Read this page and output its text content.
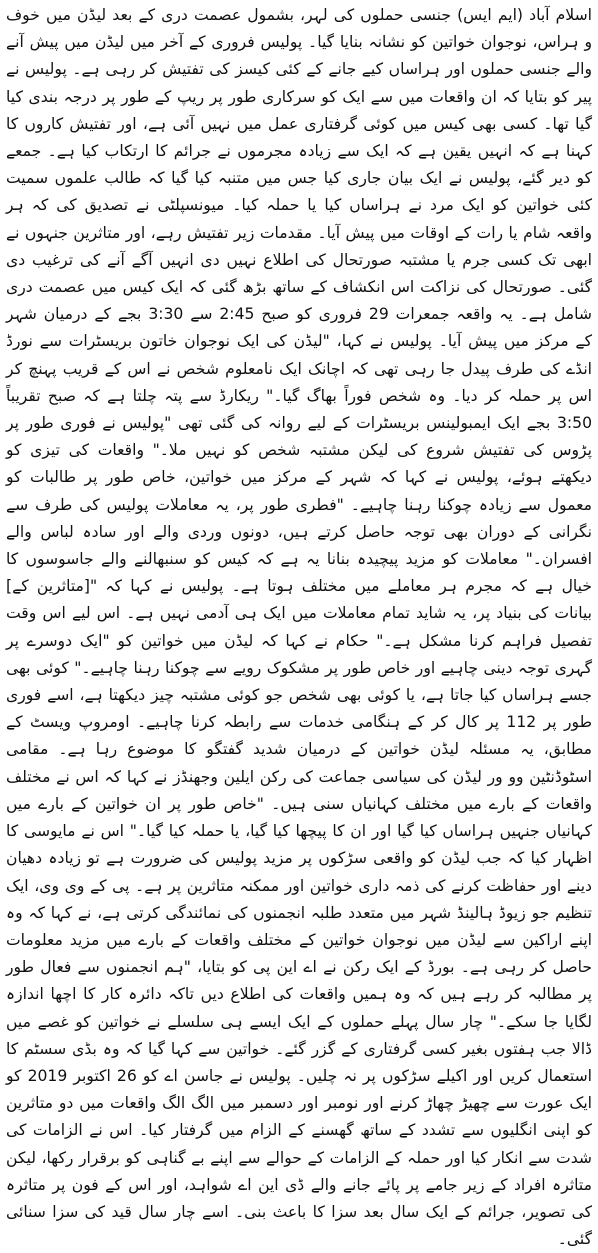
اسلام آباد (ایم ایس) جنسی حملوں کی لہر، بشمول عصمت دری کے بعد لیڈن میں خوف و ہراس، نوجوان خواتین کو نشانہ بنایا گیا۔ پولیس فروری کے آخر میں لیڈن میں پیش آنے والے جنسی حملوں اور ہراساں کیے جانے کے کئی کیسز کی تفتیش کر رہی ہے۔ پولیس نے پیر کو بتایا کہ ان واقعات میں سے ایک کو سرکاری طور پر ریپ کے طور پر درجہ بندی کیا گیا تھا۔ کسی بھی کیس میں کوئی گرفتاری عمل میں نہیں آئی ہے، اور تفتیش کاروں کا کہنا ہے کہ انہیں یقین ہے کہ ایک سے زیادہ مجرموں نے جرائم کا ارتکاب کیا ہے۔ جمعے کو دیر گئے، پولیس نے ایک بیان جاری کیا جس میں متنبہ کیا گیا کہ طالب علموں سمیت کئی خواتین کو ایک مرد نے ہراساں کیا یا حملہ کیا۔ میونسپلٹی نے تصدیق کی کہ ہر واقعہ شام یا رات کے اوقات میں پیش آیا۔ مقدمات زیر تفتیش رہے، اور متاثرین جنہوں نے ابھی تک کسی جرم یا مشتبہ صورتحال کی اطلاع نہیں دی انہیں آگے آنے کی ترغیب دی گئی۔ صورتحال کی نزاکت اس انکشاف کے ساتھ بڑھ گئی کہ ایک کیس میں عصمت دری شامل ہے۔ یہ واقعہ جمعرات 29 فروری کو صبح 2:45 سے 3:30 بجے کے درمیان شہر کے مرکز میں پیش آیا۔ پولیس نے کہا، "لیڈن کی ایک نوجوان خاتون بریسٹرات سے نورڈ انڈے کی طرف پیدل جا رہی تھی کہ اچانک ایک نامعلوم شخص نے اس کے قریب پہنچ کر اس پر حملہ کر دیا۔ وہ شخص فوراً بھاگ گیا۔" ریکارڈ سے پتہ چلتا ہے کہ صبح تقریباً 3:50 بجے ایک ایمبولینس بریسٹرات کے لیے روانہ کی گئی تھی "پولیس نے فوری طور پر پڑوس کی تفتیش شروع کی لیکن مشتبہ شخص کو نہیں ملا۔" واقعات کی تیزی کو دیکھتے ہوئے، پولیس نے کہا کہ شہر کے مرکز میں خواتین، خاص طور پر طالبات کو معمول سے زیادہ چوکنا رہنا چاہیے۔ "فطری طور پر، یہ معاملات پولیس کی طرف سے نگرانی کے دوران بھی توجہ حاصل کرتے ہیں، دونوں وردی والے اور سادہ لباس والے افسران۔" معاملات کو مزید پیچیدہ بنانا یہ ہے کہ کیس کو سنبھالنے والے جاسوسوں کا خیال ہے کہ مجرم ہر معاملے میں مختلف ہوتا ہے۔ پولیس نے کہا کہ "[متاثرین کے] بیانات کی بنیاد پر، یہ شاید تمام معاملات میں ایک ہی آدمی نہیں ہے۔ اس لیے اس وقت تفصیل فراہم کرنا مشکل ہے۔" حکام نے کہا کہ لیڈن میں خواتین کو "ایک دوسرے پر گہری توجہ دینی چاہیے اور خاص طور پر مشکوک رویے سے چوکنا رہنا چاہیے۔" کوئی بھی جسے ہراساں کیا جاتا ہے، یا کوئی بھی شخص جو کوئی مشتبہ چیز دیکھتا ہے، اسے فوری طور پر 112 پر کال کر کے ہنگامی خدمات سے رابطہ کرنا چاہیے۔ اومروپ ویسٹ کے مطابق، یہ مسئلہ لیڈن خواتین کے درمیان شدید گفتگو کا موضوع رہا ہے۔ مقامی اسٹوڈنٹین وو ور لیڈن کی سیاسی جماعت کی رکن ایلین وجھنڈز نے کہا کہ اس نے مختلف واقعات کے بارے میں مختلف کہانیاں سنی ہیں۔ "خاص طور پر ان خواتین کے بارے میں کہانیاں جنہیں ہراساں کیا گیا اور ان کا پیچھا کیا گیا، یا حملہ کیا گیا۔" اس نے مایوسی کا اظہار کیا کہ جب لیڈن کو واقعی سڑکوں پر مزید پولیس کی ضرورت ہے تو زیادہ دھیان دینے اور حفاظت کرنے کی ذمہ داری خواتین اور ممکنہ متاثرین پر ہے۔ پی کے وی وی، ایک تنظیم جو زیوڈ ہالینڈ شہر میں متعدد طلبہ انجمنوں کی نمائندگی کرتی ہے، نے کہا کہ وہ اپنے اراکین سے لیڈن میں نوجوان خواتین کے مختلف واقعات کے بارے میں مزید معلومات حاصل کر رہی ہے۔ بورڈ کے ایک رکن نے اے این پی کو بتایا، "ہم انجمنوں سے فعال طور پر مطالبہ کر رہے ہیں کہ وہ ہمیں واقعات کی اطلاع دیں تاکہ دائرہ کار کا اچھا اندازہ لگایا جا سکے۔" چار سال پہلے حملوں کے ایک ایسے ہی سلسلے نے خواتین کو غصے میں ڈالا جب ہفتوں بغیر کسی گرفتاری کے گزر گئے۔ خواتین سے کہا گیا کہ وہ بڈی سسٹم کا استعمال کریں اور اکیلے سڑکوں پر نہ چلیں۔ پولیس نے جاسن اے کو 26 اکتوبر 2019 کو ایک عورت سے چھیڑ چھاڑ کرنے اور نومبر اور دسمبر میں الگ الگ واقعات میں دو متاثرین کو اپنی انگلیوں سے تشدد کے ساتھ گھسنے کے الزام میں گرفتار کیا۔ اس نے الزامات کی شدت سے انکار کیا اور حملہ کے الزامات کے حوالے سے اپنے بے گناہی کو برقرار رکھا، لیکن متاثرہ افراد کے زیر جامے پر پائے جانے والے ڈی این اے شواہد، اور اس کے فون پر متاثرہ کی تصویر، جرائم کے ایک سال بعد سزا کا باعث بنی۔ اسے چار سال قید کی سزا سنائی گئی۔
